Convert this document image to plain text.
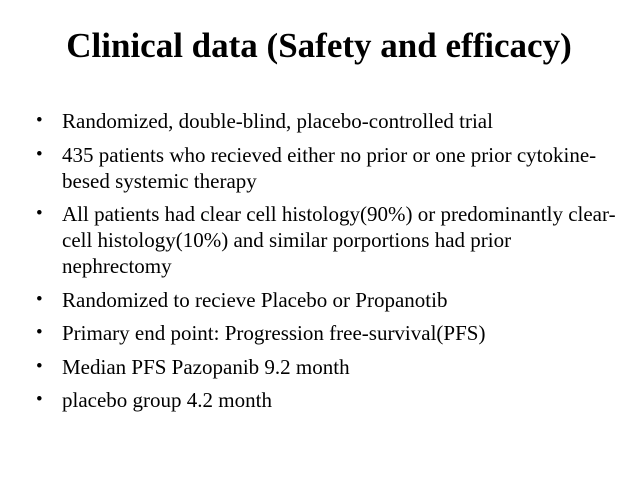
Clinical data (Safety and efficacy)
• Randomized, double-blind, placebo-controlled trial
• 435 patients who recieved either no prior or one prior cytokine-besed systemic therapy
• All patients had clear cell histology(90%) or predominantly clear-cell histology(10%) and similar porportions had prior nephrectomy
• Randomized to recieve Placebo or Propanotib
• Primary end point: Progression free-survival(PFS)
• Median PFS Pazopanib 9.2 month
• placebo group 4.2 month
